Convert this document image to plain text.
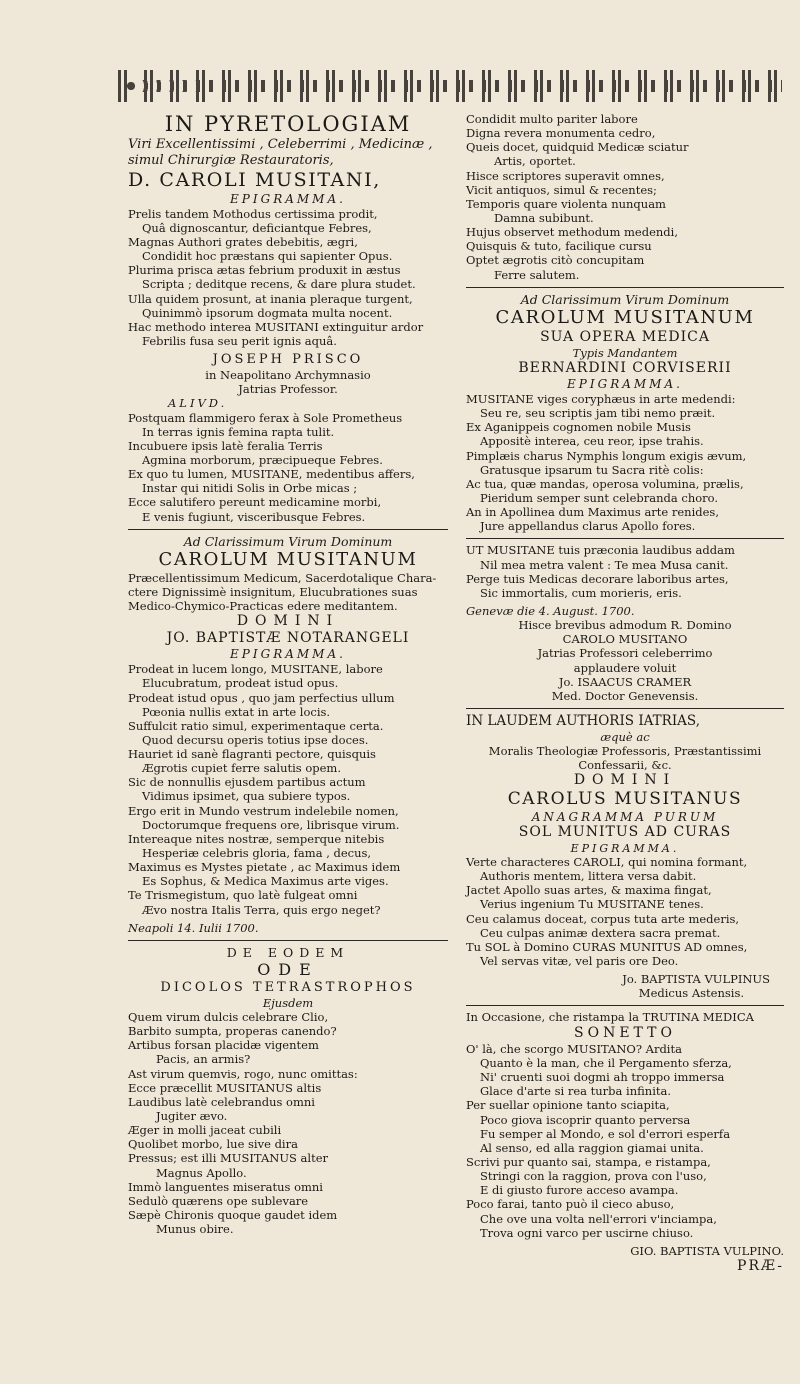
IN PYRETOLOGIAM

Viri Excellentissimi , Celeberrimi , Medicinæ ,

simul Chirurgiæ Restauratoris,

D. CAROLI MUSITANI,

EPIGRAMMA.

Prelis tandem Mothodus certissima prodit,

Quâ dignoscantur, deficiantque Febres,

Magnas Authori grates debebitis, ægri,

Condidit hoc præstans qui sapienter Opus.

Plurima prisca ætas febrium produxit in æstus

Scripta ; deditque recens, & dare plura studet.

Ulla quidem prosunt, at inania pleraque turgent,

Quinimmò ipsorum dogmata multa nocent.

Hac methodo interea MUSITANI extinguitur ardor

Febrilis fusa seu perit ignis aquâ.

JOSEPH PRISCO

in Neapolitano Archymnasio

Jatrias Professor.

ALIVD.

Postquam flammigero ferax à Sole Prometheus

In terras ignis femina rapta tulit.

Incubuere ipsis latè feralia Terris

Agmina morborum, præcipueque Febres.

Ex quo tu lumen, MUSITANE, medentibus affers,

Instar qui nitidi Solis in Orbe micas ;

Ecce salutifero pereunt medicamine morbi,

E venis fugiunt, visceribusque Febres.

Ad Clarissimum Virum Dominum

CAROLUM MUSITANUM

Præcellentissimum Medicum, Sacerdotalique Chara-

ctere Dignissimè insignitum, Elucubrationes suas

Medico-Chymico-Practicas edere meditantem.

DOMINI

JO. BAPTISTÆ NOTARANGELI

EPIGRAMMA.

Prodeat in lucem longo, MUSITANE, labore

Elucubratum, prodeat istud opus.

Prodeat istud opus , quo jam perfectius ullum

Pœonia nullis extat in arte locis.

Suffulcit ratio simul, experimentaque certa.

Quod decursu operis totius ipse doces.

Hauriet id sanè flagranti pectore, quisquis

Ægrotis cupiet ferre salutis opem.

Sic de nonnullis ejusdem partibus actum

Vidimus ipsimet, qua subiere typos.

Ergo erit in Mundo vestrum indelebile nomen,

Doctorumque frequens ore, librisque virum.

Intereaque nites nostræ, semperque nitebis

Hesperiæ celebris gloria, fama , decus,

Maximus es Mystes pietate , ac Maximus idem

Es Sophus, & Medica Maximus arte viges.

Te Trismegistum, quo latè fulgeat omni

Ævo nostra Italis Terra, quis ergo neget?

Neapoli 14. Iulii 1700.

DE EODEM

ODE

DICOLOS TETRASTROPHOS

Ejusdem

Quem virum dulcis celebrare Clio,

Barbito sumpta, properas canendo?

Artibus forsan placidæ vigentem

Pacis, an armis?

Ast virum quemvis, rogo, nunc omittas:

Ecce præcellit MUSITANUS altis

Laudibus latè celebrandus omni

Jugiter ævo.

Æger in molli jaceat cubili

Quolibet morbo, lue sive dira

Pressus; est illi MUSITANUS alter

Magnus Apollo.

Immò languentes miseratus omni

Sedulò quærens ope sublevare

Sæpè Chironis quoque gaudet idem

Munus obire.

Condidit multo pariter labore

Digna revera monumenta cedro,

Queis docet, quidquid Medicæ sciatur

Artis, oportet.

Hisce scriptores superavit omnes,

Vicit antiquos, simul & recentes;

Temporis quare violenta nunquam

Damna subibunt.

Hujus observet methodum medendi,

Quisquis & tuto, facilique cursu

Optet ægrotis citò concupitam

Ferre salutem.

Ad Clarissimum Virum Dominum

CAROLUM MUSITANUM

SUA OPERA MEDICA

Typis Mandantem

BERNARDINI CORVISERII

EPIGRAMMA.

MUSITANE viges coryphæus in arte medendi:

Seu re, seu scriptis jam tibi nemo præit.

Ex Aganippeis cognomen nobile Musis

Appositè interea, ceu reor, ipse trahis.

Pimplæis charus Nymphis longum exigis ævum,

Gratusque ipsarum tu Sacra ritè colis:

Ac tua, quæ mandas, operosa volumina, prælis,

Pieridum semper sunt celebranda choro.

An in Apollinea dum Maximus arte renides,

Jure appellandus clarus Apollo fores.

UT MUSITANE tuis præconia laudibus addam

Nil mea metra valent : Te mea Musa canit.

Perge tuis Medicas decorare laboribus artes,

Sic immortalis, cum morieris, eris.

Genevæ die 4. August. 1700.

Hisce brevibus admodum R. Domino

CAROLO MUSITANO

Jatrias Professori celeberrimo

applaudere voluit

Jo. ISAACUS CRAMER

Med. Doctor Genevensis.

IN LAUDEM AUTHORIS IATRIAS,

æquè ac

Moralis Theologiæ Professoris, Præstantissimi

Confessarii, &c.

DOMINI

CAROLUS MUSITANUS

ANAGRAMMA PURUM

SOL MUNITUS AD CURAS

EPIGRAMMA.

Verte characteres CAROLI, qui nomina formant,

Authoris mentem, littera versa dabit.

Jactet Apollo suas artes, & maxima fingat,

Verius ingenium Tu MUSITANE tenes.

Ceu calamus doceat, corpus tuta arte mederis,

Ceu culpas animæ dextera sacra premat.

Tu SOL à Domino CURAS MUNITUS AD omnes,

Vel servas vitæ, vel paris ore Deo.

Jo. BAPTISTA VULPINUS

Medicus Astensis.

In Occasione, che ristampa la TRUTINA MEDICA

SONETTO

O' là, che scorgo MUSITANO? Ardita

Quanto è la man, che il Pergamento sferza,

Ni' cruenti suoi dogmi ah troppo immersa

Glace d'arte si rea turba infinita.

Per suellar opinione tanto sciapita,

Poco giova iscoprir quanto perversa

Fu semper al Mondo, e sol d'errori esperfa

Al senso, ed alla raggion giamai unita.

Scrivi pur quanto sai, stampa, e ristampa,

Stringi con la raggion, prova con l'uso,

E di giusto furore acceso avampa.

Poco farai, tanto può il cieco abuso,

Che ove una volta nell'errori v'inciampa,

Trova ogni varco per uscirne chiuso.

GIO. BAPTISTA VULPINO.

PRÆ-
